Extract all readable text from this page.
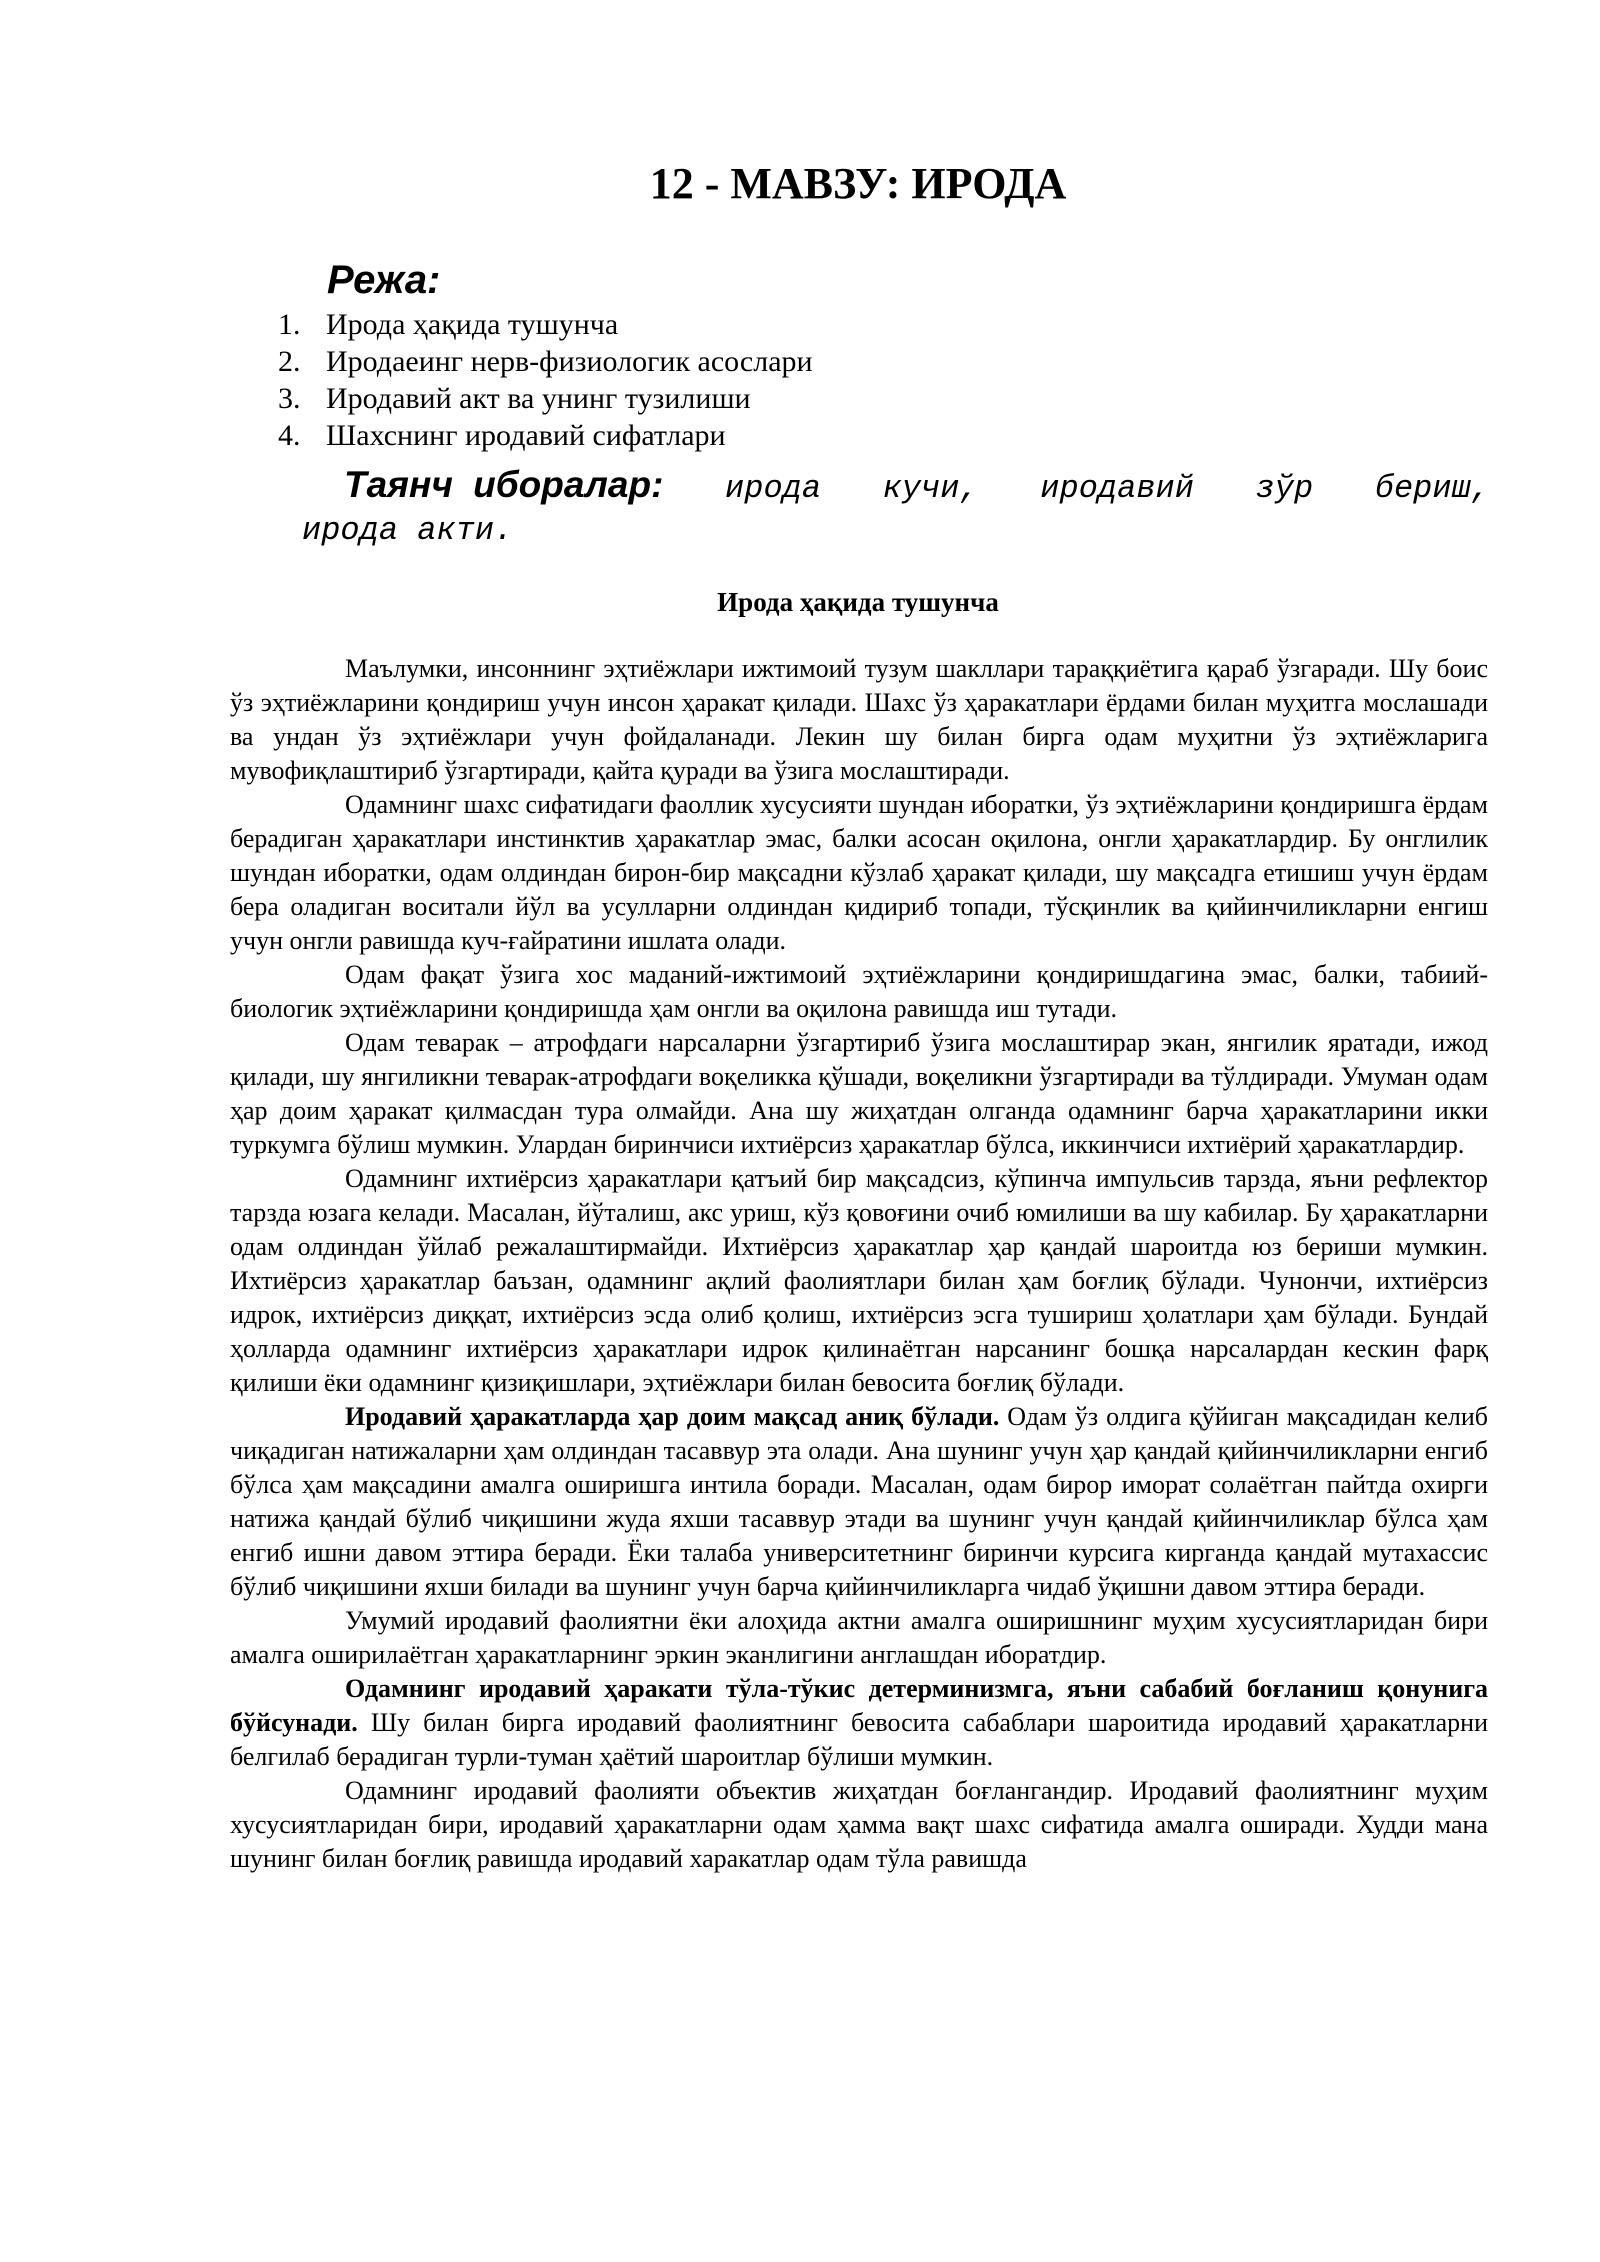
12 - МАВЗУ: ИРОДА
Режа:
1. Ирода ҳақида тушунча
2. Иродаеинг нерв-физиологик асослари
3. Иродавий акт ва унинг тузилиши
4. Шахснинг иродавий сифатлари
Таянч иборалар: ирода кучи, иродавий зўр бериш,
ирода акти.
Ирода ҳақида тушунча

Маълумки, инсоннинг эҳтиёжлари ижтимоий тузум шакллари тараққиётига қараб ўзгаради. Шу боис ўз эҳтиёжларини қондириш учун инсон ҳаракат қилади. Шахс ўз ҳаракатлари ёрдами билан муҳитга мослашади ва ундан ўз эҳтиёжлари учун фойдаланади. Лекин шу билан бирга одам муҳитни ўз эҳтиёжларига мувофиқлаштириб ўзгартиради, қайта қуради ва ўзига мослаштиради.

Одамнинг шахс сифатидаги фаоллик хусусияти шундан иборатки, ўз эҳтиёжларини қондиришга ёрдам берадиган ҳаракатлари инстинктив ҳаракатлар эмас, балки асосан оқилона, онгли ҳаракатлардир. Бу онглилик шундан иборатки, одам олдиндан бирон-бир мақсадни кўзлаб ҳаракат қилади, шу мақсадга етишиш учун ёрдам бера оладиган воситали йўл ва усулларни олдиндан қидириб топади, тўсқинлик ва қийинчиликларни енгиш учун онгли равишда куч-ғайратини ишлата олади.

Одам фақат ўзига хос маданий-ижтимоий эҳтиёжларини қондиришдагина эмас, балки, табиий-биологик эҳтиёжларини қондиришда ҳам онгли ва оқилона равишда иш тутади.

Одам теварак – атрофдаги нарсаларни ўзгартириб ўзига мослаштирар экан, янгилик яратади, ижод қилади, шу янгиликни теварак-атрофдаги воқеликка қўшади, воқеликни ўзгартиради ва тўлдиради. Умуман одам ҳар доим ҳаракат қилмасдан тура олмайди. Ана шу жиҳатдан олганда одамнинг барча ҳаракатларини икки туркумга бўлиш мумкин. Улардан биринчиси ихтиёрсиз ҳаракатлар бўлса, иккинчиси ихтиёрий ҳаракатлардир.

Одамнинг ихтиёрсиз ҳаракатлари қатъий бир мақсадсиз, кўпинча импульсив тарзда, яъни рефлектор тарзда юзага келади. Масалан, йўталиш, акс уриш, кўз қовоғини очиб юмилиши ва шу кабилар. Бу ҳаракатларни одам олдиндан ўйлаб режалаштирмайди. Ихтиёрсиз ҳаракатлар ҳар қандай шароитда юз бериши мумкин. Ихтиёрсиз ҳаракатлар баъзан, одамнинг ақлий фаолиятлари билан ҳам боғлиқ бўлади. Чунончи, ихтиёрсиз идрок, ихтиёрсиз диққат, ихтиёрсиз эсда олиб қолиш, ихтиёрсиз эсга тушириш ҳолатлари ҳам бўлади. Бундай ҳолларда одамнинг ихтиёрсиз ҳаракатлари идрок қилинаётган нарсанинг бошқа нарсалардан кескин фарқ қилиши ёки одамнинг қизиқишлари, эҳтиёжлари билан бевосита боғлиқ бўлади.

Иродавий ҳаракатларда ҳар доим мақсад аниқ бўлади. Одам ўз олдига қўйиган мақсадидан келиб чиқадиган натижаларни ҳам олдиндан тасаввур эта олади. Ана шунинг учун ҳар қандай қийинчиликларни енгиб бўлса ҳам мақсадини амалга оширишга интила боради. Масалан, одам бирор иморат солаётган пайтда охирги натижа қандай бўлиб чиқишини жуда яхши тасаввур этади ва шунинг учун қандай қийинчиликлар бўлса ҳам енгиб ишни давом эттира беради. Ёки талаба университетнинг биринчи курсига кирганда қандай мутахассис бўлиб чиқишини яхши билади ва шунинг учун барча қийинчиликларга чидаб ўқишни давом эттира беради.

Умумий иродавий фаолиятни ёки алоҳида актни амалга оширишнинг муҳим хусусиятларидан бири амалга оширилаётган ҳаракатларнинг эркин эканлигини англашдан иборатдир.

Одамнинг иродавий ҳаракати тўла-тўкис детерминизмга, яъни сабабий боғланиш қонунига бўйсунади. Шу билан бирга иродавий фаолиятнинг бевосита сабаблари шароитида иродавий ҳаракатларни белгилаб берадиган турли-туман ҳаётий шароитлар бўлиши мумкин.

Одамнинг иродавий фаолияти объектив жиҳатдан боғлангандир. Иродавий фаолиятнинг муҳим хусусиятларидан бири, иродавий ҳаракатларни одам ҳамма вақт шахс сифатида амалга оширади. Худди мана шунинг билан боғлиқ равишда иродавий харакатлар одам тўла равишда
